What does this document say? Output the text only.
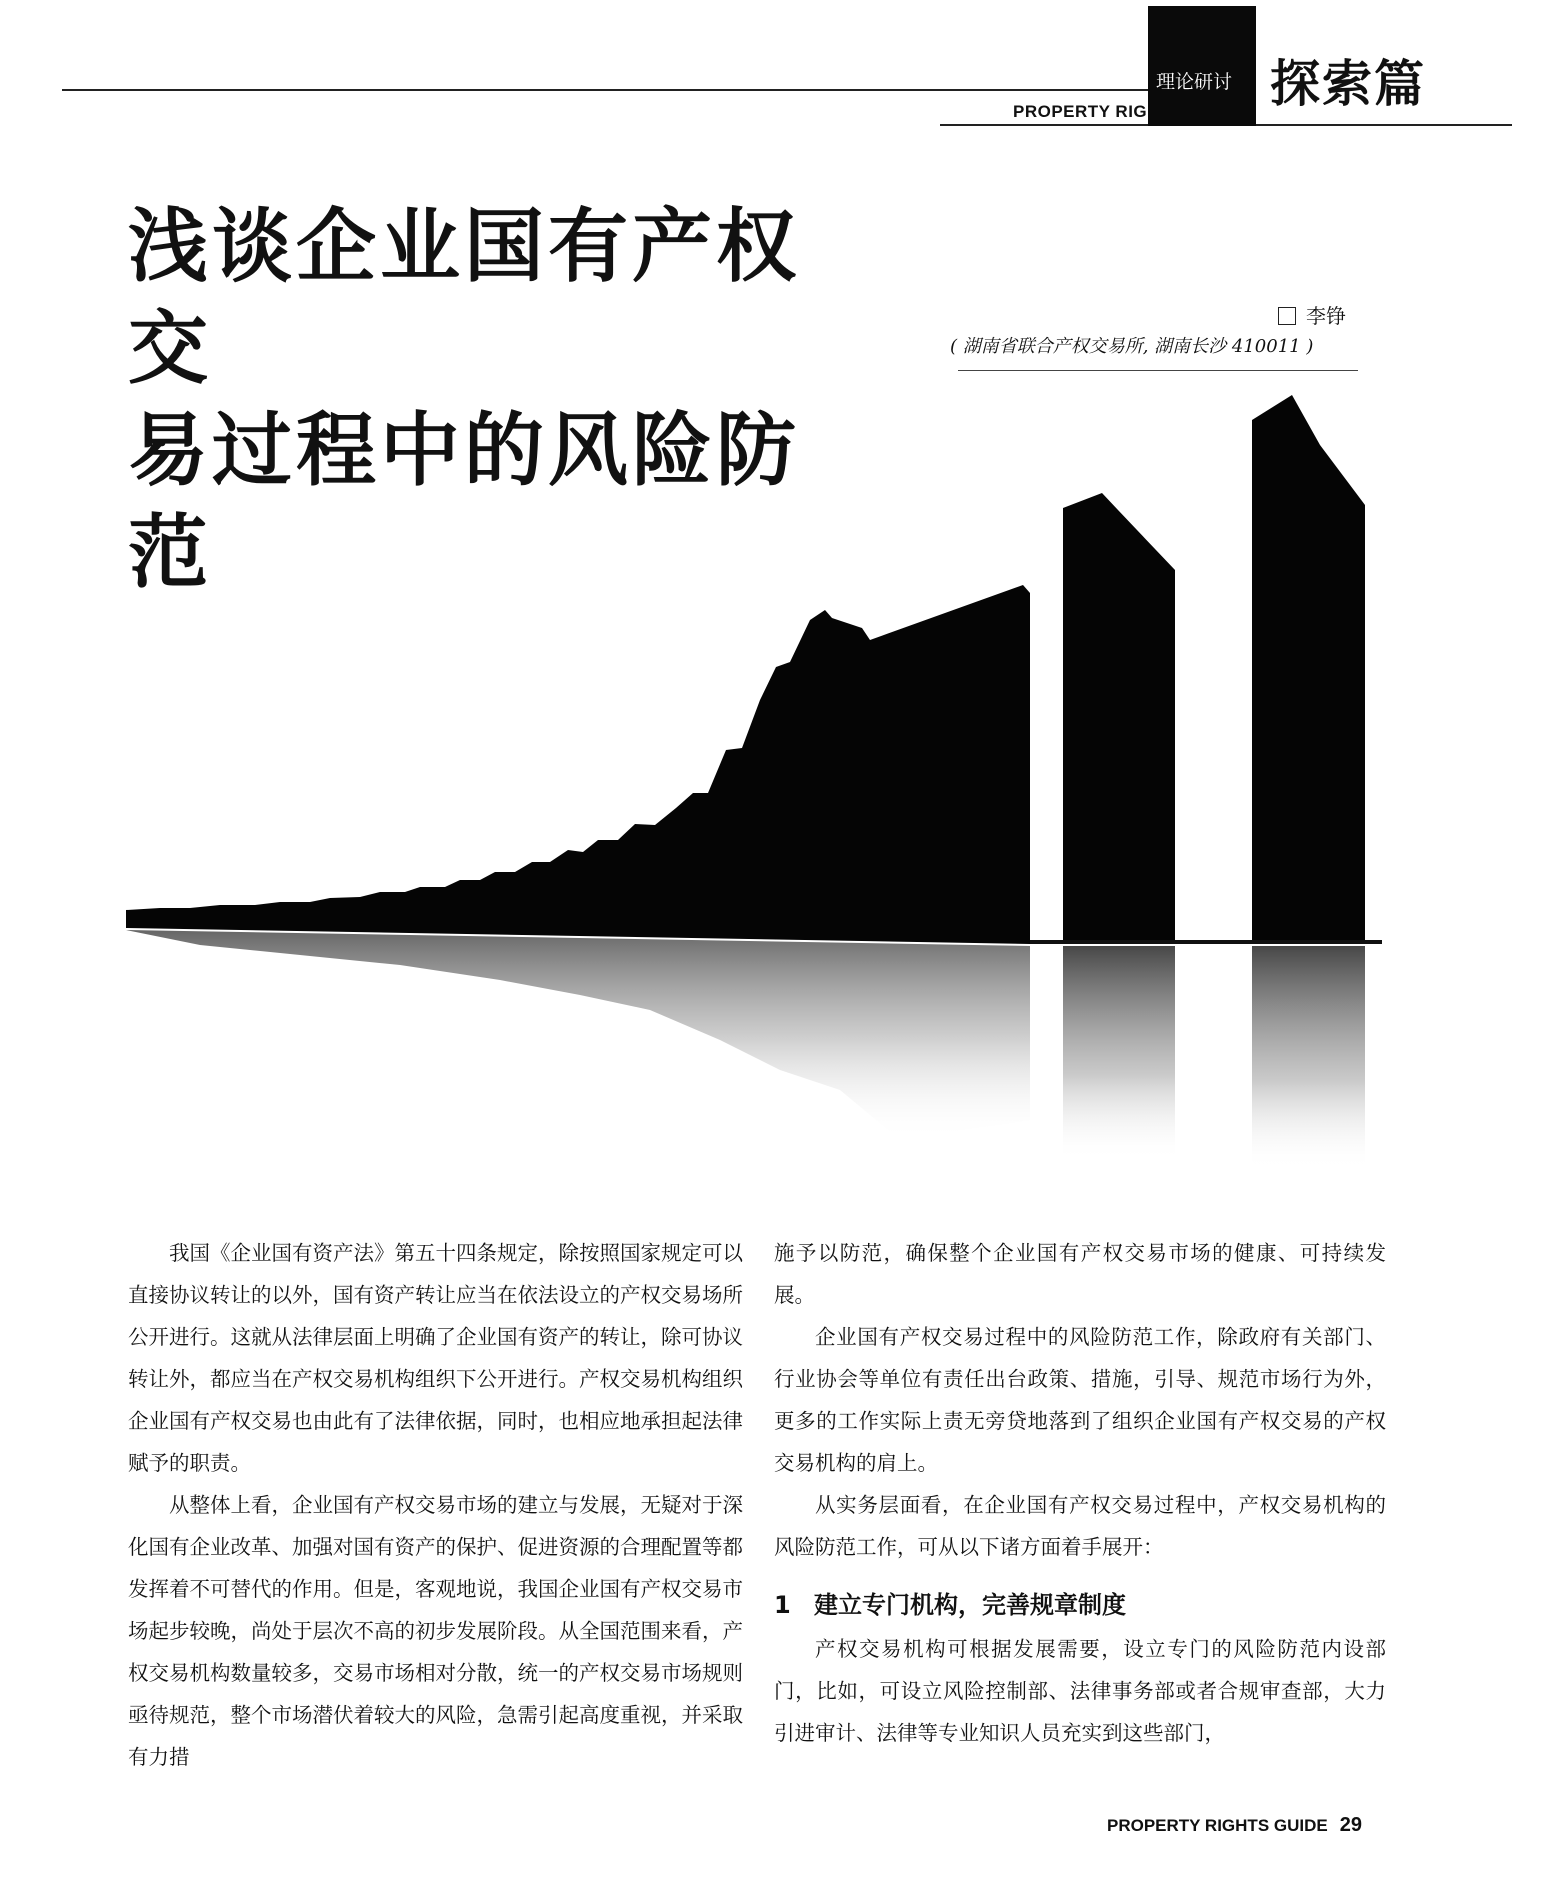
PROPERTY RIG
理论研讨 探索篇
浅谈企业国有产权交
易过程中的风险防范
李铮
( 湖南省联合产权交易所, 湖南长沙 410011 )

我国《企业国有资产法》第五十四条规定，除按照国家规定可以直接协议转让的以外，国有资产转让应当在依法设立的产权交易场所公开进行。这就从法律层面上明确了企业国有资产的转让，除可协议转让外，都应当在产权交易机构组织下公开进行。产权交易机构组织企业国有产权交易也由此有了法律依据，同时，也相应地承担起法律赋予的职责。

从整体上看，企业国有产权交易市场的建立与发展，无疑对于深化国有企业改革、加强对国有资产的保护、促进资源的合理配置等都发挥着不可替代的作用。但是，客观地说，我国企业国有产权交易市场起步较晚，尚处于层次不高的初步发展阶段。从全国范围来看，产权交易机构数量较多，交易市场相对分散，统一的产权交易市场规则亟待规范，整个市场潜伏着较大的风险，急需引起高度重视，并采取有力措

施予以防范，确保整个企业国有产权交易市场的健康、可持续发展。

企业国有产权交易过程中的风险防范工作，除政府有关部门、行业协会等单位有责任出台政策、措施，引导、规范市场行为外，更多的工作实际上责无旁贷地落到了组织企业国有产权交易的产权交易机构的肩上。

从实务层面看，在企业国有产权交易过程中，产权交易机构的风险防范工作，可从以下诸方面着手展开：

1 建立专门机构，完善规章制度

产权交易机构可根据发展需要，设立专门的风险防范内设部门，比如，可设立风险控制部、法律事务部或者合规审查部，大力引进审计、法律等专业知识人员充实到这些部门，

PROPERTY RIGHTS GUIDE 29
